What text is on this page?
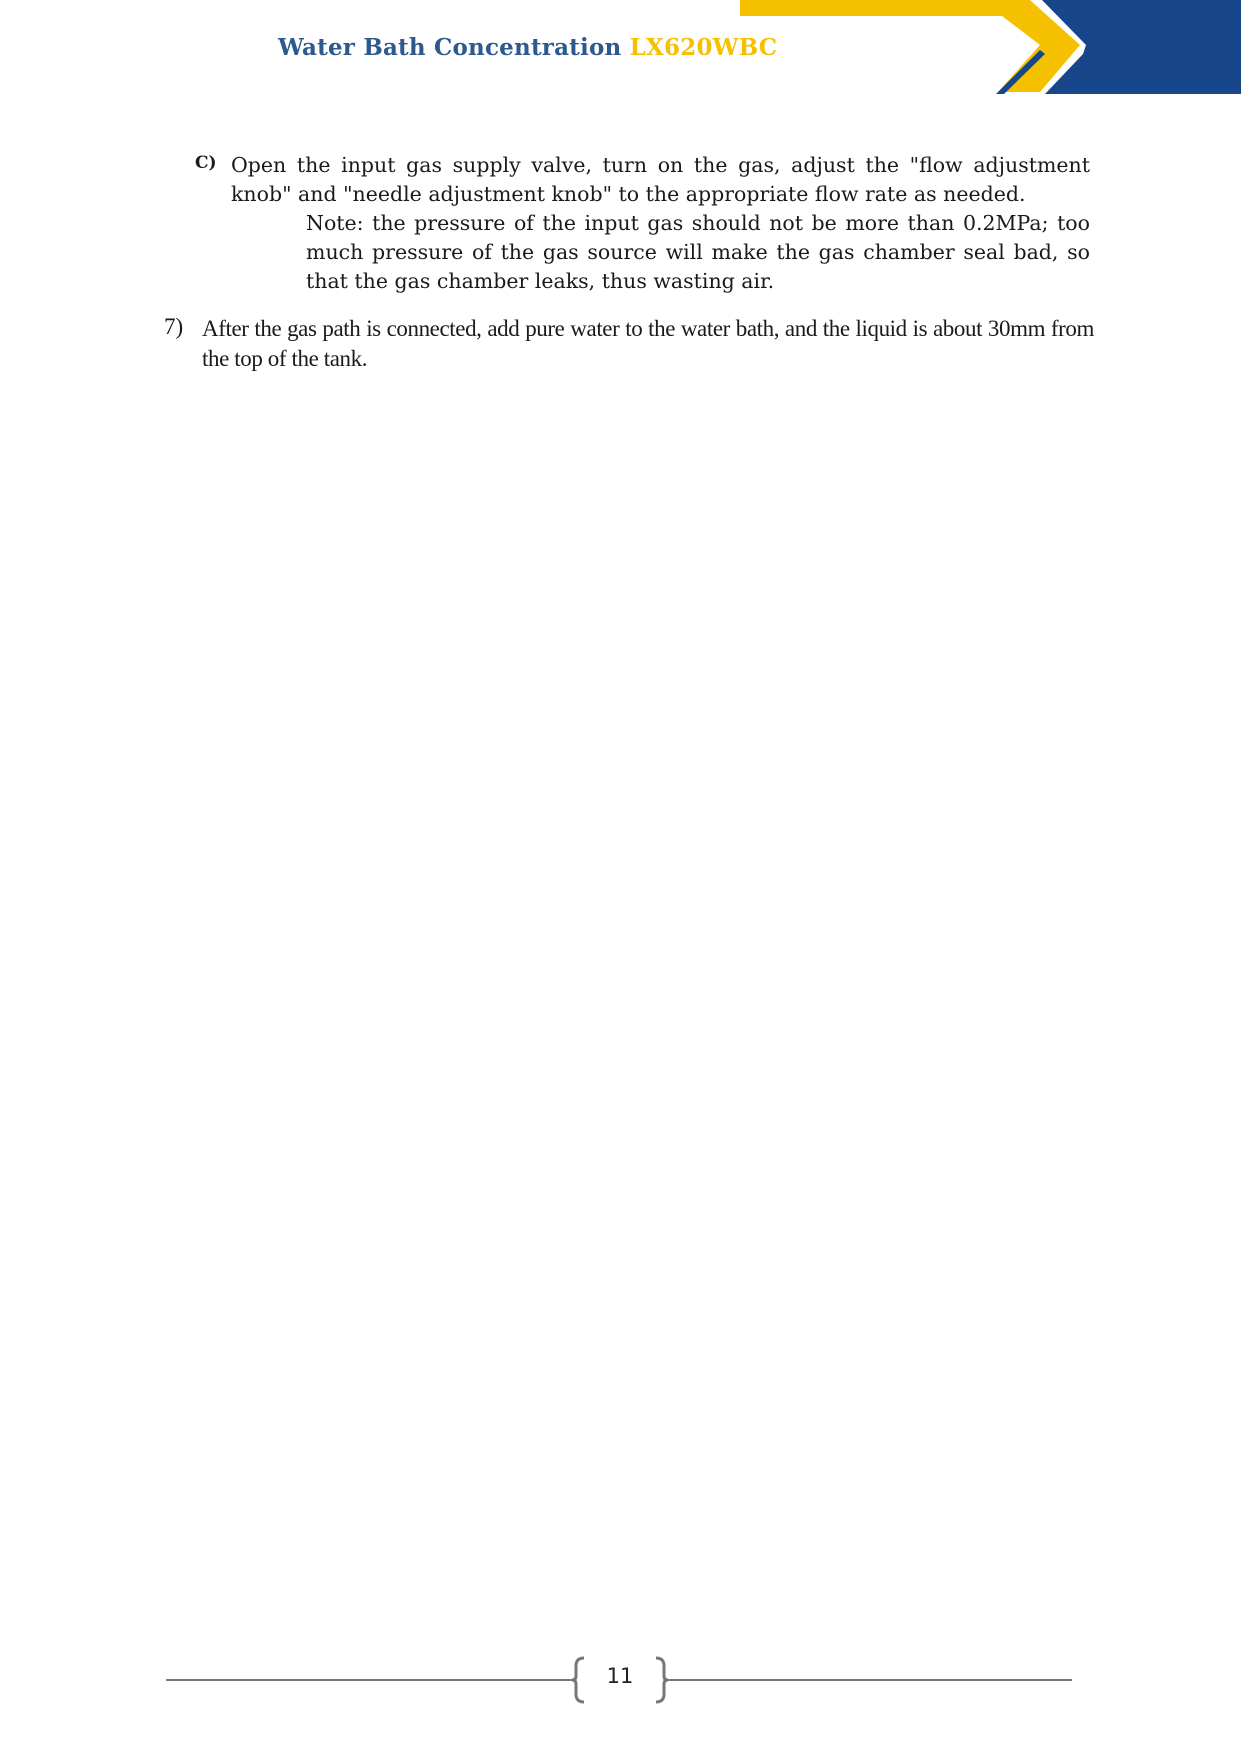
Water Bath Concentration LX620WBC
C) Open the input gas supply valve, turn on the gas, adjust the "flow adjustment knob" and "needle adjustment knob" to the appropriate flow rate as needed.
Note: the pressure of the input gas should not be more than 0.2MPa; too much pressure of the gas source will make the gas chamber seal bad, so that the gas chamber leaks, thus wasting air.
7) After the gas path is connected, add pure water to the water bath, and the liquid is about 30mm from the top of the tank.
11
